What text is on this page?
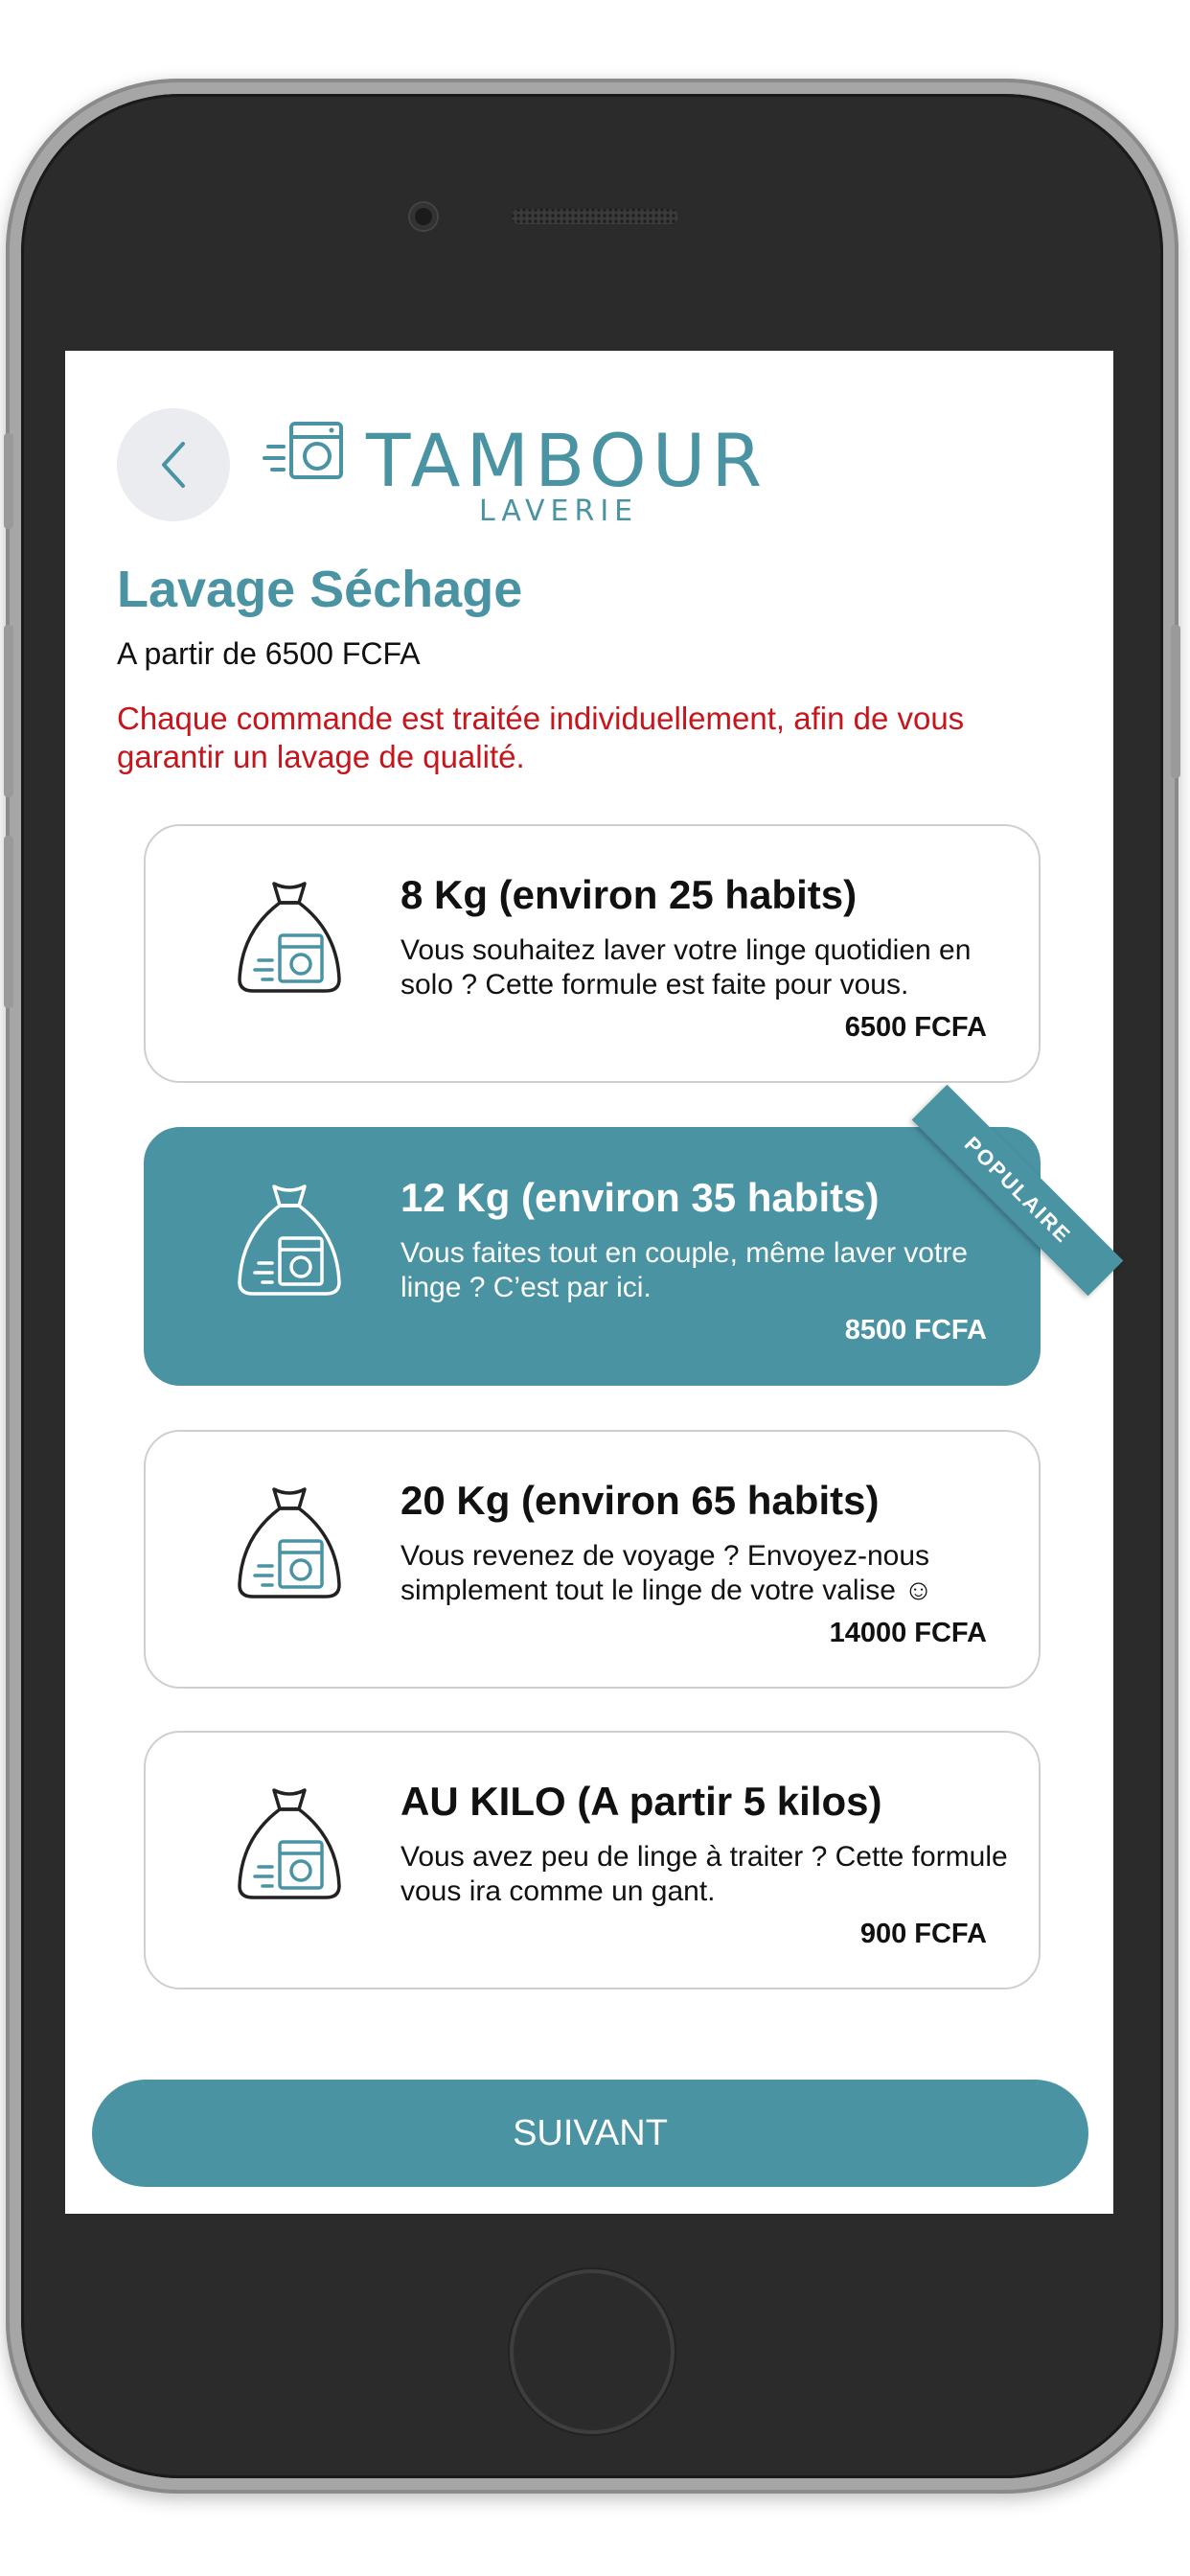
TAMBOUR
LAVERIE
Lavage Séchage
A partir de 6500 FCFA
Chaque commande est traitée individuellement, afin de vous garantir un lavage de qualité.
8 Kg (environ 25 habits)
Vous souhaitez laver votre linge quotidien en solo ? Cette formule est faite pour vous.
6500 FCFA
12 Kg (environ 35 habits)
Vous faites tout en couple, même laver votre linge ? C’est par ici.
8500 FCFA
POPULAIRE
20 Kg (environ 65 habits)
Vous revenez de voyage ? Envoyez-nous simplement tout le linge de votre valise ☺
14000 FCFA
AU KILO (A partir 5 kilos)
Vous avez peu de linge à traiter ? Cette formule vous ira comme un gant.
900 FCFA
SUIVANT
